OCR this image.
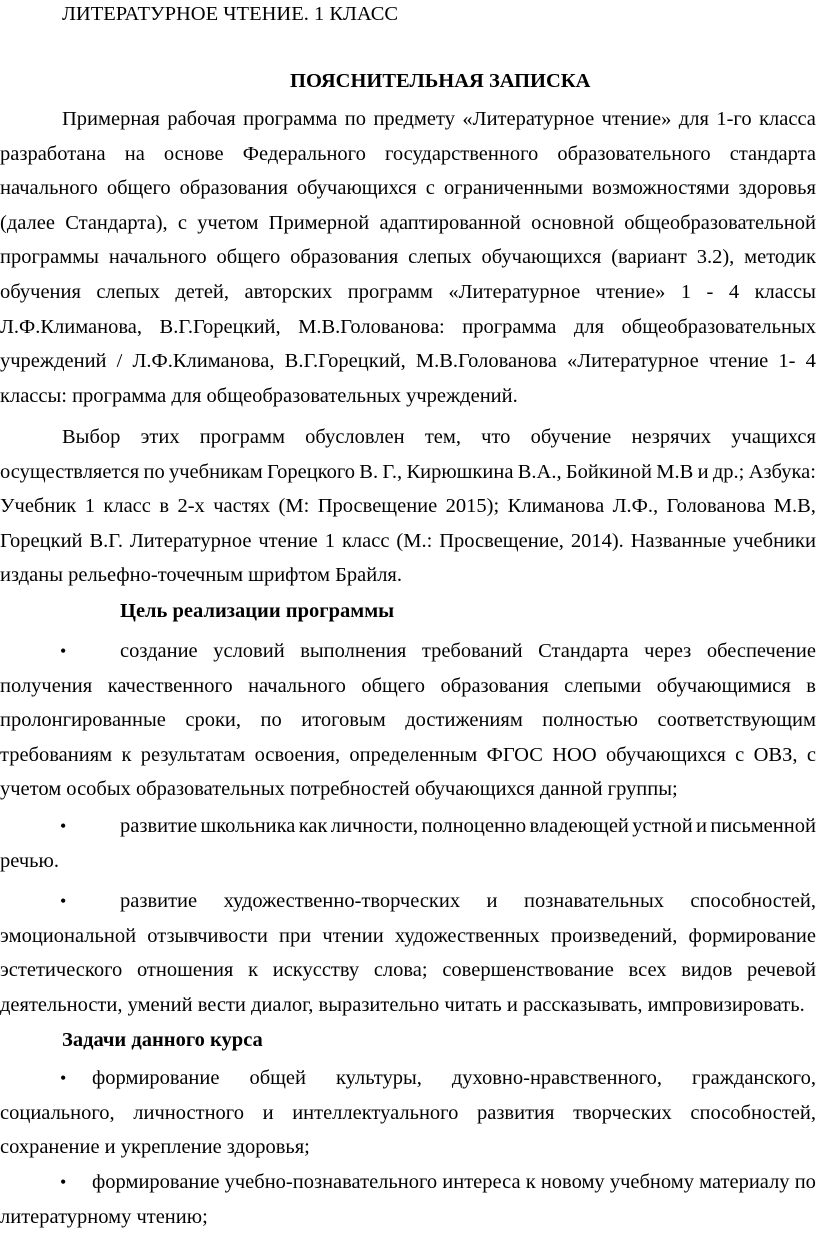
ЛИТЕРАТУРНОЕ ЧТЕНИЕ. 1 КЛАСС
ПОЯСНИТЕЛЬНАЯ ЗАПИСКА
Примерная рабочая программа по предмету «Литературное чтение» для 1-го класса
разработана на основе Федерального государственного образовательного стандарта
начального общего образования обучающихся с ограниченными возможностями здоровья
(далее Стандарта), с учетом Примерной адаптированной основной общеобразовательной
программы начального общего образования слепых обучающихся (вариант 3.2), методик
обучения слепых детей, авторских программ «Литературное чтение» 1 - 4 классы
Л.Ф.Климанова, В.Г.Горецкий, М.В.Голованова: программа для общеобразовательных
учреждений / Л.Ф.Климанова, В.Г.Горецкий, М.В.Голованова «Литературное чтение 1- 4
классы: программа для общеобразовательных учреждений.
Выбор этих программ обусловлен тем, что обучение незрячих учащихся
осуществляется по учебникам Горецкого В. Г., Кирюшкина В.А., Бойкиной М.В и др.; Азбука:
Учебник 1 класс в 2-х частях (М: Просвещение 2015); Климанова Л.Ф., Голованова М.В,
Горецкий В.Г. Литературное чтение 1 класс (М.: Просвещение, 2014). Названные учебники
изданы рельефно-точечным шрифтом Брайля.
Цель реализации программы
•	создание условий выполнения требований Стандарта через обеспечение
получения качественного начального общего образования слепыми обучающимися в
пролонгированные сроки, по итоговым достижениям полностью соответствующим
требованиям к результатам освоения, определенным ФГОС НОО обучающихся с ОВЗ, с
учетом особых образовательных потребностей обучающихся данной группы;
•	развитие школьника как личности, полноценно владеющей устной и письменной
речью.
•	развитие художественно-творческих и познавательных способностей,
эмоциональной отзывчивости при чтении художественных произведений, формирование
эстетического отношения к искусству слова; совершенствование всех видов речевой
деятельности, умений вести диалог, выразительно читать и рассказывать, импровизировать.
Задачи данного курса
• формирование общей культуры, духовно-нравственного, гражданского,
социального, личностного и интеллектуального развития творческих способностей,
сохранение и укрепление здоровья;
• формирование учебно-познавательного интереса к новому учебному материалу по
литературному чтению;
